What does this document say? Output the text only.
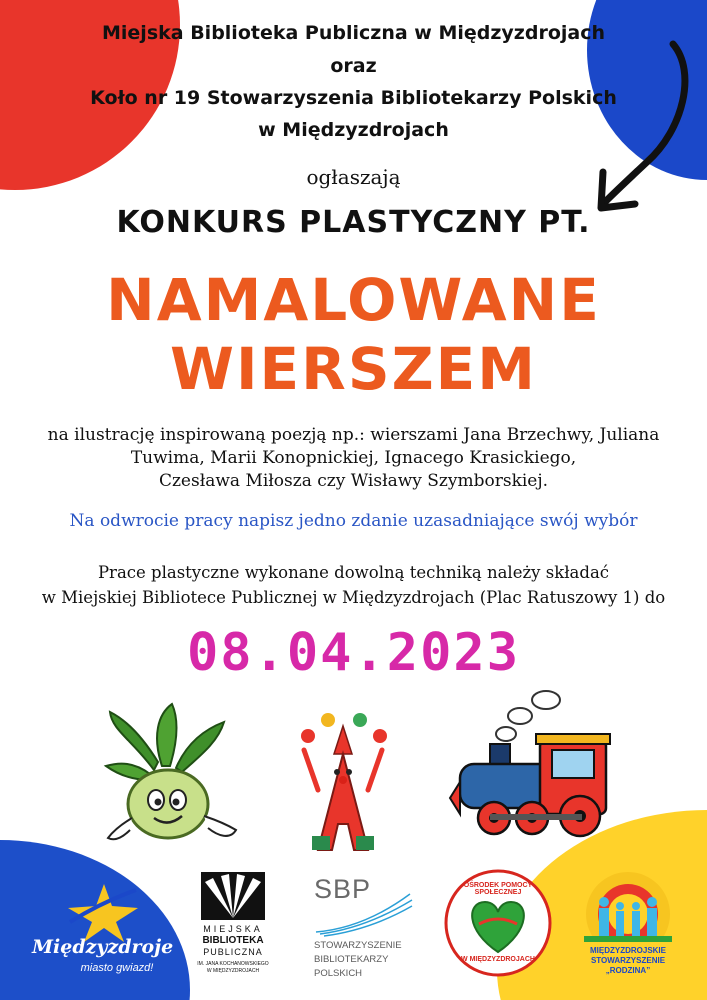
Miejska Biblioteka Publiczna w Międzyzdrojach
oraz
Koło nr 19 Stowarzyszenia Bibliotekarzy Polskich
w Międzyzdrojach
ogłaszają
KONKURS PLASTYCZNY PT.
NAMALOWANE
WIERSZEM
na ilustrację inspirowaną poezją np.: wierszami Jana Brzechwy, Juliana
Tuwima, Marii Konopnickiej, Ignacego Krasickiego,
Czesława Miłosza czy Wisławy Szymborskiej.
Na odwrocie pracy napisz jedno zdanie uzasadniające swój wybór
Prace plastyczne wykonane dowolną techniką należy składać
w Miejskiej Bibliotece Publicznej w Międzyzdrojach (Plac Ratuszowy 1) do
08.04.2023
Międzyzdroje
miasto gwiazd!
MIEJSKA
BIBLIOTEKA
PUBLICZNA
IM. JANA KOCHANOWSKIEGO
W MIĘDZYZDROJACH
SBP
STOWARZYSZENIE
BIBLIOTEKARZY
POLSKICH
OŚRODEK POMOCY SPOŁECZNEJ
W MIĘDZYZDROJACH
MIĘDZYZDROJSKIE
STOWARZYSZENIE
„RODZINA”
